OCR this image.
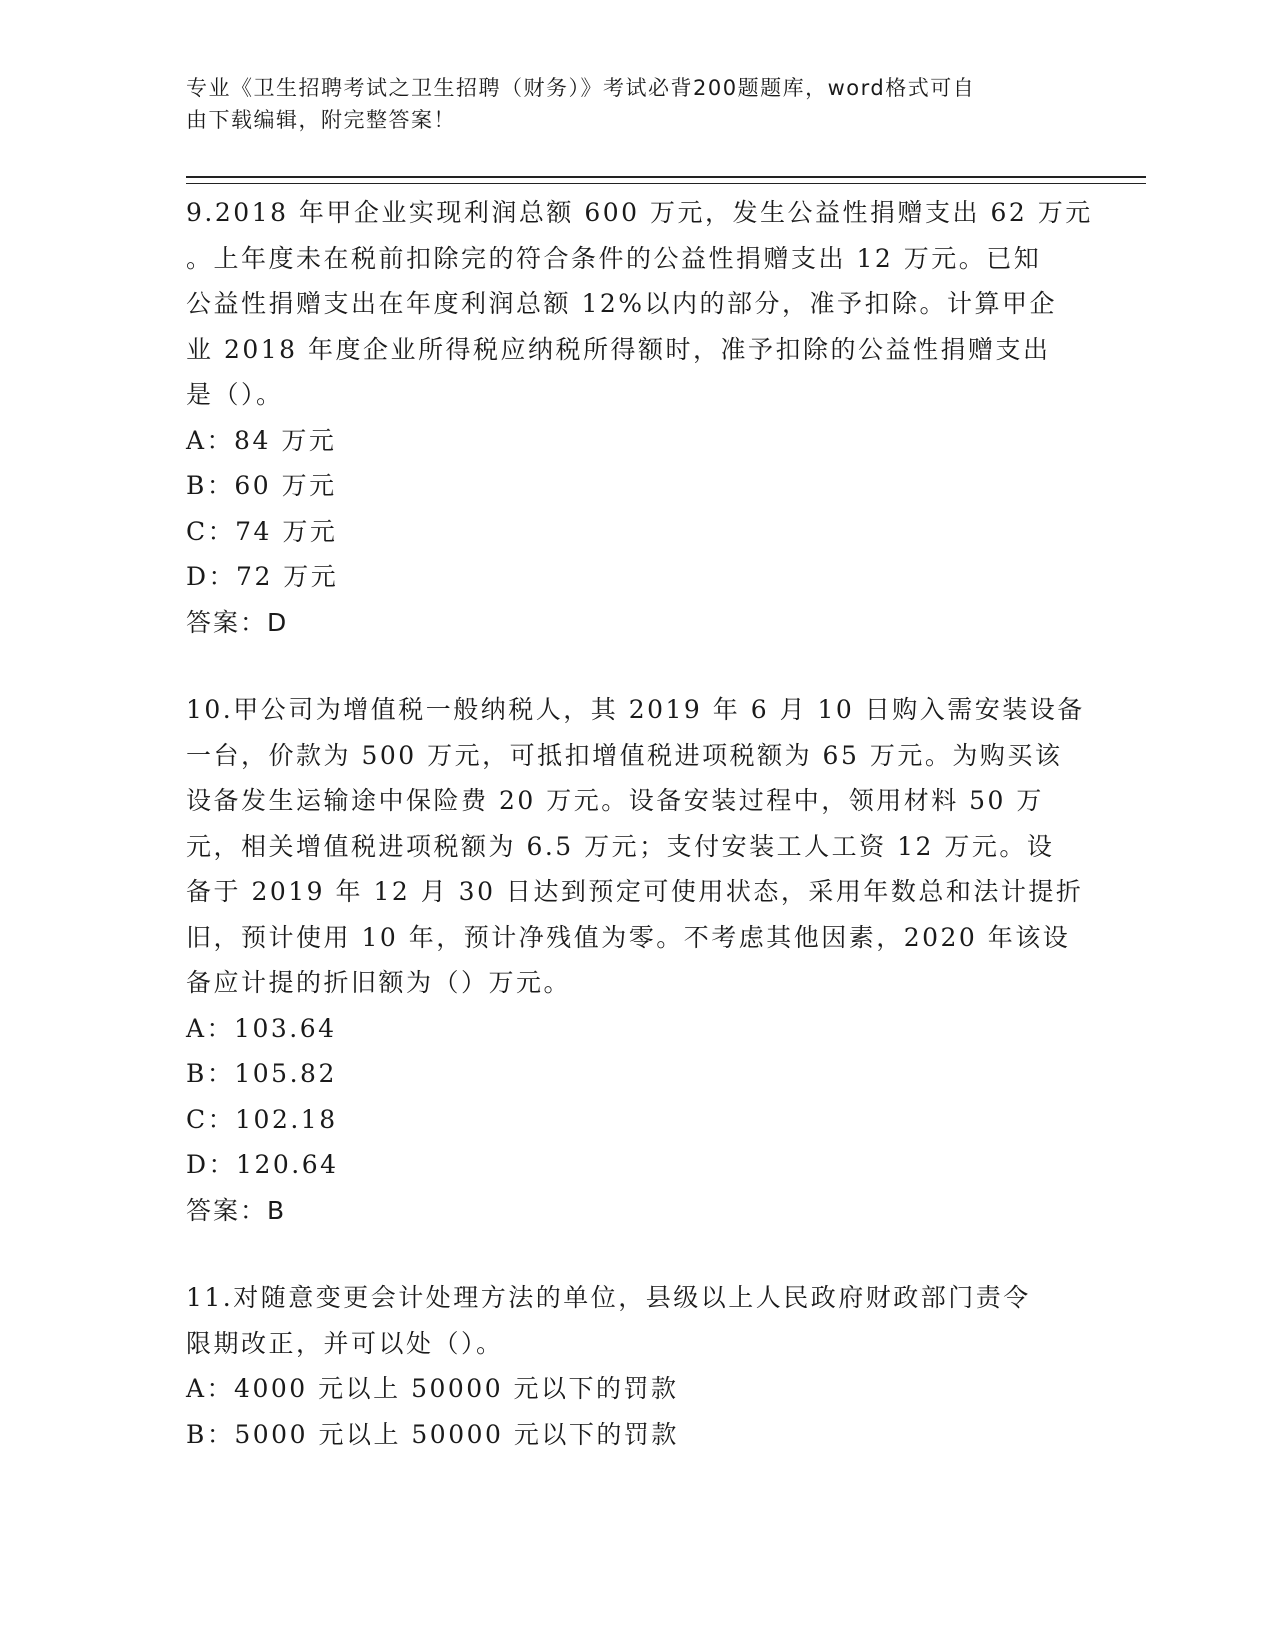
专业《卫生招聘考试之卫生招聘（财务）》考试必背200题题库，word格式可自
由下载编辑，附完整答案！
9.2018 年甲企业实现利润总额 600 万元，发生公益性捐赠支出 62 万元
。上年度未在税前扣除完的符合条件的公益性捐赠支出 12 万元。已知
公益性捐赠支出在年度利润总额 12%以内的部分，准予扣除。计算甲企
业 2018 年度企业所得税应纳税所得额时，准予扣除的公益性捐赠支出
是（）。
A：84 万元
B：60 万元
C：74 万元
D：72 万元
答案：D
10.甲公司为增值税一般纳税人，其 2019 年 6 月 10 日购入需安装设备
一台，价款为 500 万元，可抵扣增值税进项税额为 65 万元。为购买该
设备发生运输途中保险费 20 万元。设备安装过程中，领用材料 50 万
元，相关增值税进项税额为 6.5 万元；支付安装工人工资 12 万元。设
备于 2019 年 12 月 30 日达到预定可使用状态，采用年数总和法计提折
旧，预计使用 10 年，预计净残值为零。不考虑其他因素，2020 年该设
备应计提的折旧额为（）万元。
A：103.64
B：105.82
C：102.18
D：120.64
答案：B
11.对随意变更会计处理方法的单位，县级以上人民政府财政部门责令
限期改正，并可以处（）。
A：4000 元以上 50000 元以下的罚款
B：5000 元以上 50000 元以下的罚款
